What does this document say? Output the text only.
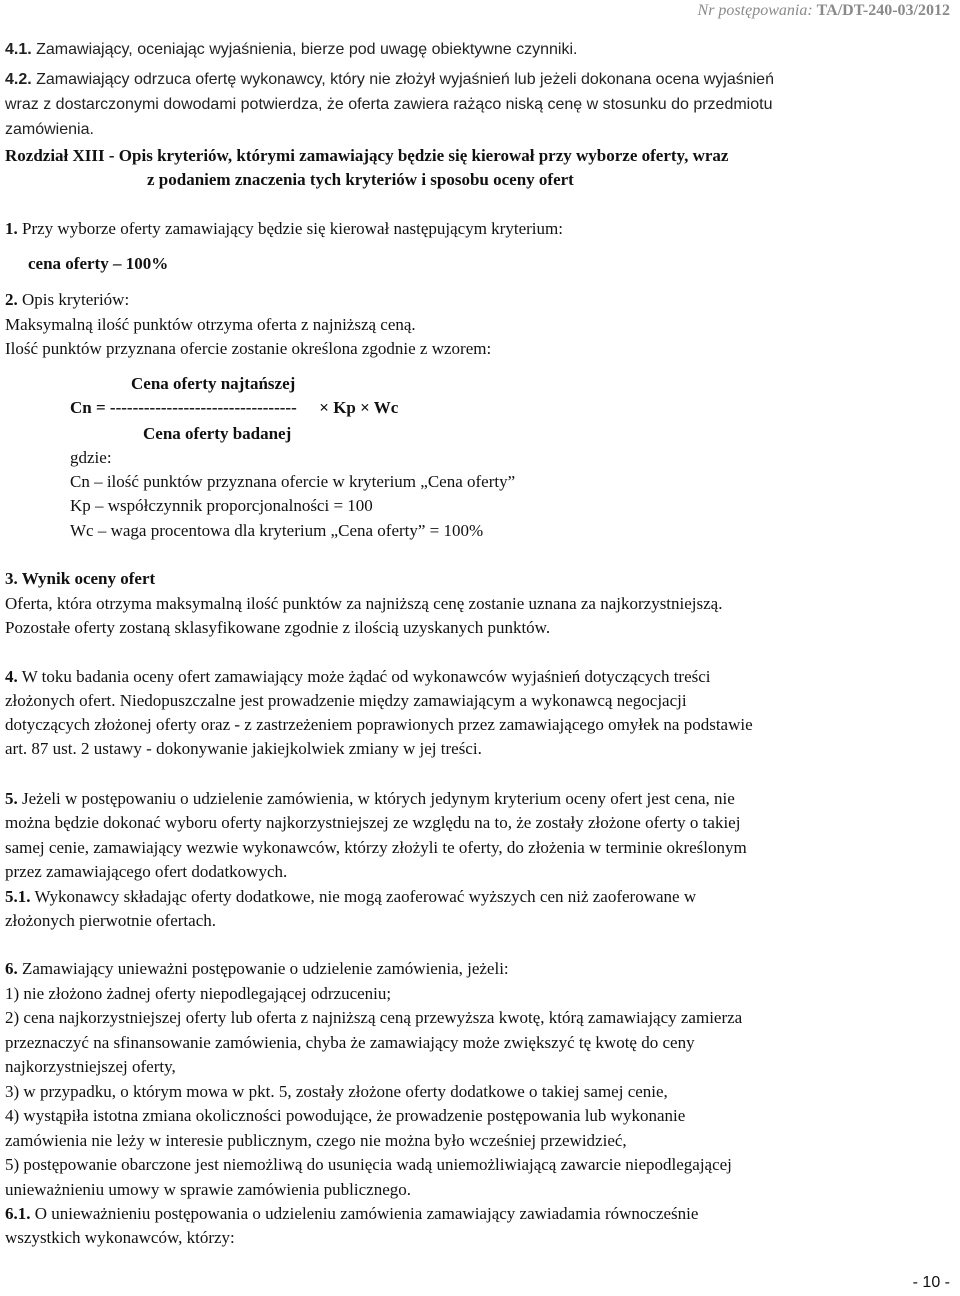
Nr postępowania: TA/DT-240-03/2012
4.1. Zamawiający, oceniając wyjaśnienia, bierze pod uwagę obiektywne czynniki.
4.2. Zamawiający odrzuca ofertę wykonawcy, który nie złożył wyjaśnień lub jeżeli dokonana ocena wyjaśnień
wraz z dostarczonymi dowodami potwierdza, że oferta zawiera rażąco niską cenę w stosunku do przedmiotu
zamówienia.
Rozdział XIII - Opis kryteriów, którymi zamawiający będzie się kierował przy wyborze oferty, wraz
z podaniem znaczenia tych kryteriów i sposobu oceny ofert
1. Przy wyborze oferty zamawiający będzie się kierował następującym kryterium:
cena oferty – 100%
2. Opis kryteriów:
Maksymalną ilość punktów otrzyma oferta z najniższą ceną.
Ilość punktów przyznana ofercie zostanie określona zgodnie z wzorem:
Cena oferty najtańszej
Cn = --------------------------------- × Kp × Wc
Cena oferty badanej
gdzie:
Cn – ilość punktów przyznana ofercie w kryterium „Cena oferty”
Kp – współczynnik proporcjonalności = 100
Wc – waga procentowa dla kryterium „Cena oferty” = 100%
3. Wynik oceny ofert
Oferta, która otrzyma maksymalną ilość punktów za najniższą cenę zostanie uznana za najkorzystniejszą.
Pozostałe oferty zostaną sklasyfikowane zgodnie z ilością uzyskanych punktów.
4. W toku badania oceny ofert zamawiający może żądać od wykonawców wyjaśnień dotyczących treści
złożonych ofert. Niedopuszczalne jest prowadzenie między zamawiającym a wykonawcą negocjacji
dotyczących złożonej oferty oraz - z zastrzeżeniem poprawionych przez zamawiającego omyłek na podstawie
art. 87 ust. 2 ustawy - dokonywanie jakiejkolwiek zmiany w jej treści.
5. Jeżeli w postępowaniu o udzielenie zamówienia, w których jedynym kryterium oceny ofert jest cena, nie
można będzie dokonać wyboru oferty najkorzystniejszej ze względu na to, że zostały złożone oferty o takiej
samej cenie, zamawiający wezwie wykonawców, którzy złożyli te oferty, do złożenia w terminie określonym
przez zamawiającego ofert dodatkowych.
5.1. Wykonawcy składając oferty dodatkowe, nie mogą zaoferować wyższych cen niż zaoferowane w
złożonych pierwotnie ofertach.
6. Zamawiający unieważni postępowanie o udzielenie zamówienia, jeżeli:
1) nie złożono żadnej oferty niepodlegającej odrzuceniu;
2) cena najkorzystniejszej oferty lub oferta z najniższą ceną przewyższa kwotę, którą zamawiający zamierza
przeznaczyć na sfinansowanie zamówienia, chyba że zamawiający może zwiększyć tę kwotę do ceny
najkorzystniejszej oferty,
3) w przypadku, o którym mowa w pkt. 5, zostały złożone oferty dodatkowe o takiej samej cenie,
4) wystąpiła istotna zmiana okoliczności powodujące, że prowadzenie postępowania lub wykonanie
zamówienia nie leży w interesie publicznym, czego nie można było wcześniej przewidzieć,
5) postępowanie obarczone jest niemożliwą do usunięcia wadą uniemożliwiającą zawarcie niepodlegającej
unieważnieniu umowy w sprawie zamówienia publicznego.
6.1. O unieważnieniu postępowania o udzieleniu zamówienia zamawiający zawiadamia równocześnie
wszystkich wykonawców, którzy:
- 10 -
